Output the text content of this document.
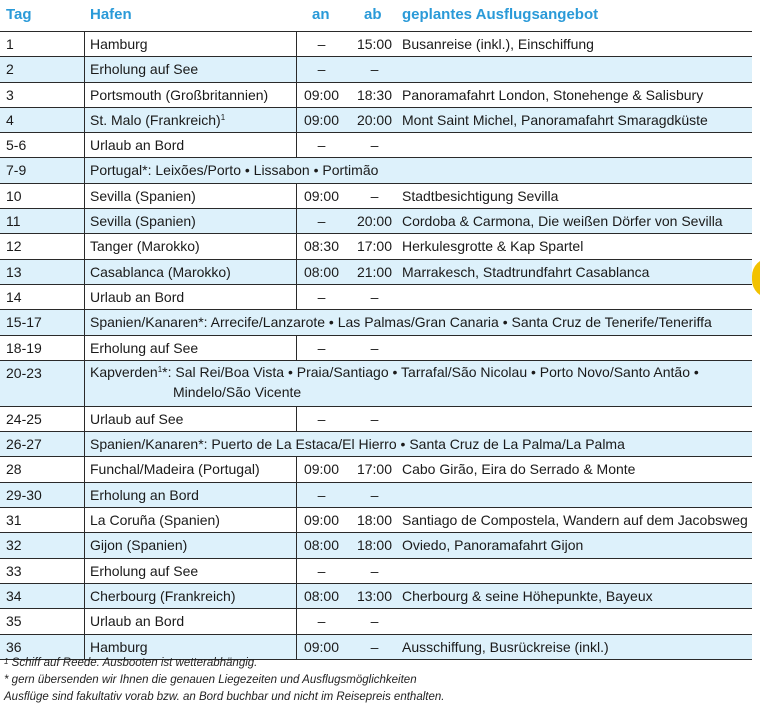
Tag	Hafen	an ab geplantes Ausflugsangebot
1	Hamburg	–	15:00 Busanreise (inkl.), Einschiffung
2	Erholung auf See	–	–
3	Portsmouth (Großbritannien)	09:00	18:30 Panoramafahrt London, Stonehenge & Salisbury
4	St. Malo (Frankreich)$^1$	09:00	20:00 Mont Saint Michel, Panoramafahrt Smaragdküste
5-6	Urlaub an Bord	–	–
7-9	Portugal*: Leixões/Porto • Lissabon • Portimão
10	Sevilla (Spanien)	09:00	–	Stadtbesichtigung Sevilla
11	Sevilla (Spanien)	–	20:00 Cordoba & Carmona, Die weißen Dörfer von Sevilla
12	Tanger (Marokko)	08:30	17:00 Herkulesgrotte & Kap Spartel
13	Casablanca (Marokko)	08:00	21:00 Marrakesch, Stadtrundfahrt Casablanca
14	Urlaub an Bord	–	–
15-17	Spanien/Kanaren*: Arrecife/Lanzarote • Las Palmas/Gran Canaria • Santa Cruz de Tenerife/Teneriffa
18-19	Erholung auf See	–	–
20-23	Kapverden$^1$*: Sal Rei/Boa Vista • Praia/Santiago • Tarrafal/São Nicolau • Porto Novo/Santo Antão •
Mindelo/São Vicente
24-25	Urlaub auf See	–	–
26-27	Spanien/Kanaren*: Puerto de La Estaca/El Hierro • Santa Cruz de La Palma/La Palma
28	Funchal/Madeira (Portugal)	09:00	17:00 Cabo Girão, Eira do Serrado & Monte
29-30	Erholung an Bord	–	–
31	La Coruña (Spanien)	09:00	18:00 Santiago de Compostela, Wandern auf dem Jacobsweg
32	Gijon (Spanien)	08:00	18:00 Oviedo, Panoramafahrt Gijon
33	Erholung auf See	–	–
34	Cherbourg (Frankreich)	08:00	13:00 Cherbourg & seine Höhepunkte, Bayeux
35	Urlaub an Bord	–	–
36	Hamburg	09:00	–	Ausschiffung, Busrückreise (inkl.)
$^1$ Schiff auf Reede. Ausbooten ist wetterabhängig.
* gern übersenden wir Ihnen die genauen Liegezeiten und Ausflugsmöglichkeiten
Ausflüge sind fakultativ vorab bzw. an Bord buchbar und nicht im Reisepreis enthalten.
